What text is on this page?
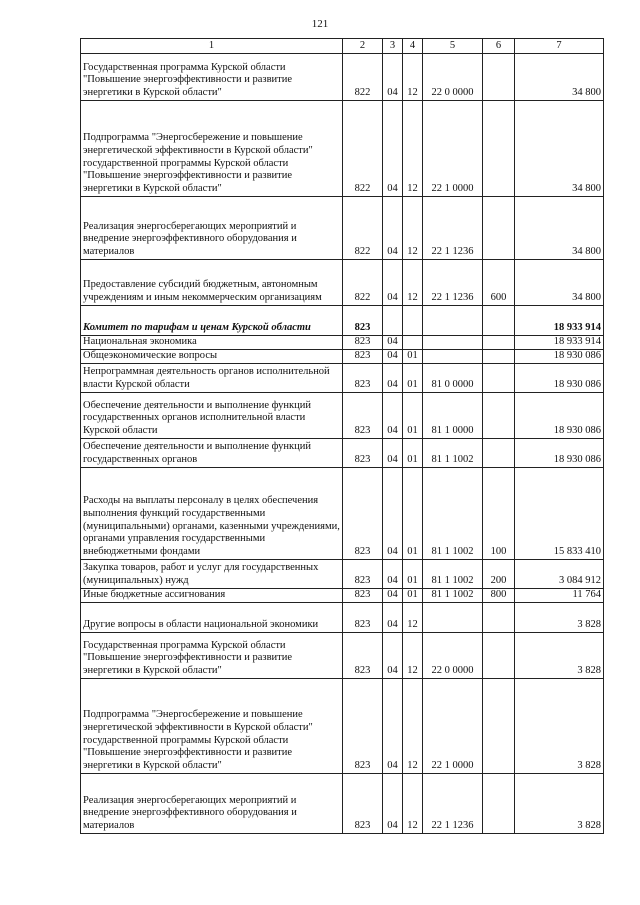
121
1	2	3	4	5	6	7
Государственная программа Курской области "Повышение энергоэффективности и развитие энергетики в Курской области"	822	04	12	22 0 0000		34 800
Подпрограмма "Энергосбережение и повышение энергетической эффективности в Курской области" государственной программы Курской области "Повышение энергоэффективности и развитие энергетики в Курской области"	822	04	12	22 1 0000		34 800
Реализация энергосберегающих мероприятий и внедрение энергоэффективного оборудования и материалов	822	04	12	22 1 1236		34 800
Предоставление субсидий бюджетным, автономным учреждениям и иным некоммерческим организациям	822	04	12	22 1 1236	600	34 800
Комитет по тарифам и ценам Курской области	823					18 933 914
Национальная экономика	823	04				18 933 914
Общеэкономические вопросы	823	04	01			18 930 086
Непрограммная деятельность органов исполнительной власти Курской области	823	04	01	81 0 0000		18 930 086
Обеспечение деятельности и выполнение функций государственных органов исполнительной власти Курской области	823	04	01	81 1 0000		18 930 086
Обеспечение деятельности и выполнение функций государственных органов	823	04	01	81 1 1002		18 930 086
Расходы на выплаты персоналу в целях обеспечения выполнения функций государственными (муниципальными) органами, казенными учреждениями, органами управления государственными внебюджетными фондами	823	04	01	81 1 1002	100	15 833 410
Закупка товаров, работ и услуг для государственных (муниципальных) нужд	823	04	01	81 1 1002	200	3 084 912
Иные бюджетные ассигнования	823	04	01	81 1 1002	800	11 764
Другие вопросы в области национальной экономики	823	04	12			3 828
Государственная программа Курской области "Повышение энергоэффективности и развитие энергетики в Курской области"	823	04	12	22 0 0000		3 828
Подпрограмма "Энергосбережение и повышение энергетической эффективности в Курской области" государственной программы Курской области "Повышение энергоэффективности и развитие энергетики в Курской области"	823	04	12	22 1 0000		3 828
Реализация энергосберегающих мероприятий и внедрение энергоэффективного оборудования и материалов	823	04	12	22 1 1236		3 828
